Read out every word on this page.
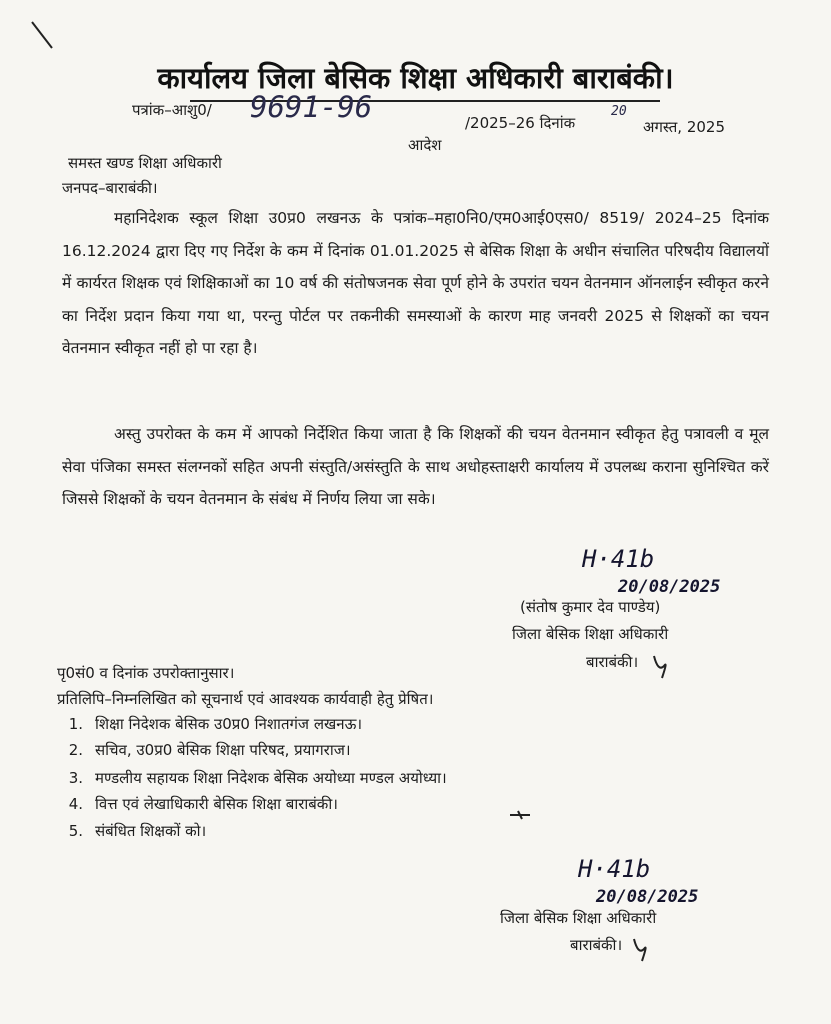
कार्यालय जिला बेसिक शिक्षा अधिकारी बाराबंकी।
पत्रांक–आशु0/ 9691-96	/2025–26 दिनांक
20
अगस्त, 2025
आदेश
समस्त खण्ड शिक्षा अधिकारी
जनपद–बाराबंकी।
महानिदेशक स्कूल शिक्षा उ0प्र0 लखनऊ के पत्रांक–महा0नि0/एम0आई0एस0/ 8519/ 2024–25 दिनांक 16.12.2024 द्वारा दिए गए निर्देश के कम में दिनांक 01.01.2025 से बेसिक शिक्षा के अधीन संचालित परिषदीय विद्यालयों में कार्यरत शिक्षक एवं शिक्षिकाओं का 10 वर्ष की संतोषजनक सेवा पूर्ण होने के उपरांत चयन वेतनमान ऑनलाईन स्वीकृत करने का निर्देश प्रदान किया गया था, परन्तु पोर्टल पर तकनीकी समस्याओं के कारण माह जनवरी 2025 से शिक्षकों का चयन वेतनमान स्वीकृत नहीं हो पा रहा है।
अस्तु उपरोक्त के कम में आपको निर्देशित किया जाता है कि शिक्षकों की चयन वेतनमान स्वीकृत हेतु पत्रावली व मूल सेवा पंजिका समस्त संलग्नकों सहित अपनी संस्तुति/असंस्तुति के साथ अधोहस्ताक्षरी कार्यालय में उपलब्ध कराना सुनिश्चित करें जिससे शिक्षकों के चयन वेतनमान के संबंध में निर्णय लिया जा सके।
H·41b
20/08/2025
(संतोष कुमार देव पाण्डेय)
जिला बेसिक शिक्षा अधिकारी
बाराबंकी।
पृ0सं0 व दिनांक उपरोक्तानुसार।
प्रतिलिपि–निम्नलिखित को सूचनार्थ एवं आवश्यक कार्यवाही हेतु प्रेषित।
1. शिक्षा निदेशक बेसिक उ0प्र0 निशातगंज लखनऊ।
2. सचिव, उ0प्र0 बेसिक शिक्षा परिषद, प्रयागराज।
3. मण्डलीय सहायक शिक्षा निदेशक बेसिक अयोध्या मण्डल अयोध्या।
4. वित्त एवं लेखाधिकारी बेसिक शिक्षा बाराबंकी।
5. संबंधित शिक्षकों को।
H·41b
20/08/2025
जिला बेसिक शिक्षा अधिकारी
बाराबंकी।
